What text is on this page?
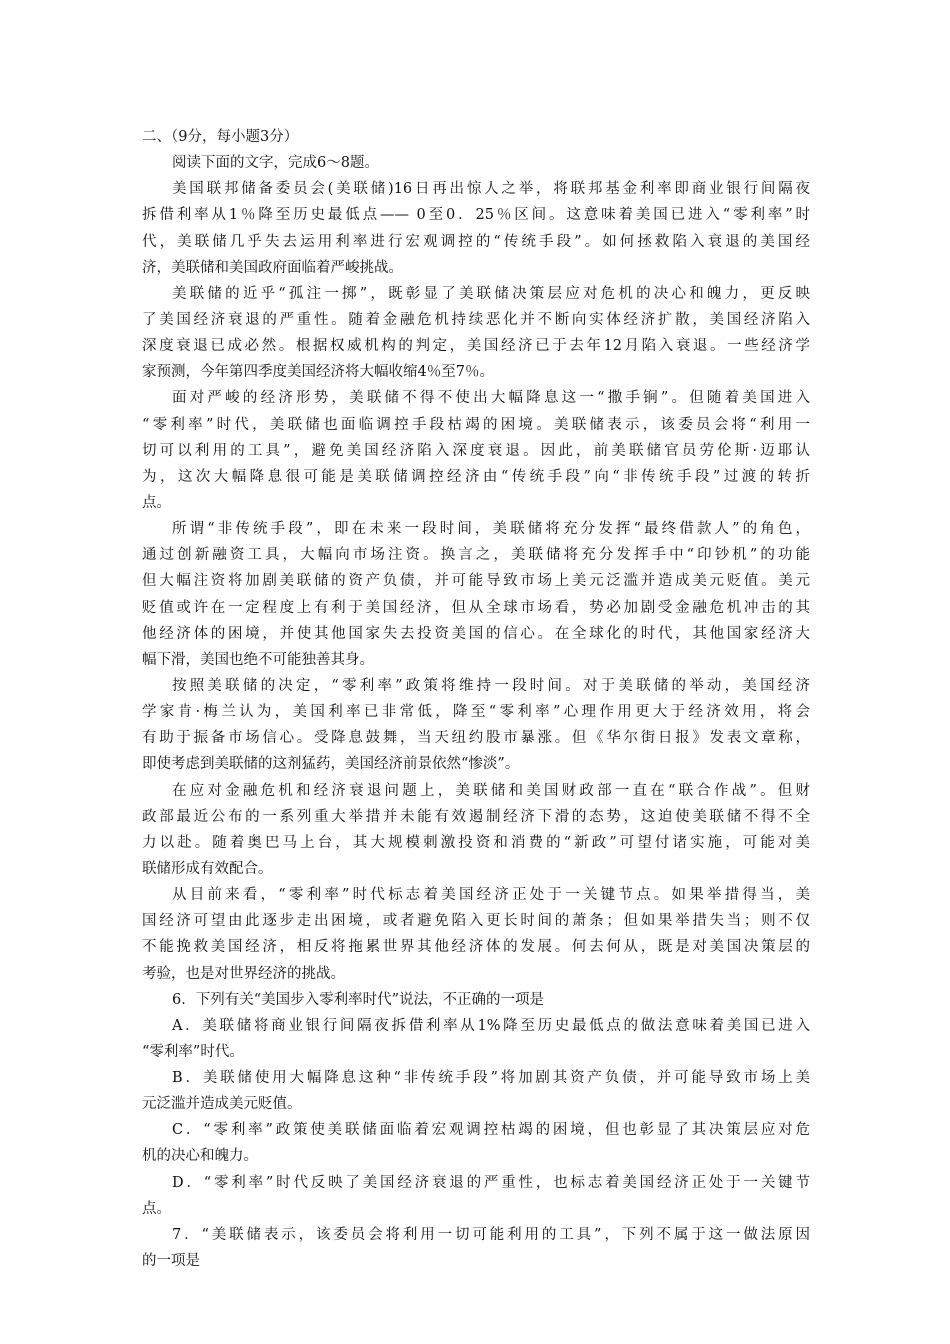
二、（9分，每小题3分）
阅读下面的文字，完成6～8题。
美国联邦储备委员会(美联储)16日再出惊人之举，将联邦基金利率即商业银行间隔夜
拆借利率从1％降至历史最低点—— 0至0．25％区间。这意味着美国已进入“零利率”时
代，美联储几乎失去运用利率进行宏观调控的“传统手段”。如何拯救陷入衰退的美国经
济，美联储和美国政府面临着严峻挑战。
美联储的近乎“孤注一掷”，既彰显了美联储决策层应对危机的决心和魄力，更反映
了美国经济衰退的严重性。随着金融危机持续恶化并不断向实体经济扩散，美国经济陷入
深度衰退已成必然。根据权威机构的判定，美国经济已于去年12月陷入衰退。一些经济学
家预测，今年第四季度美国经济将大幅收缩4％至7％。
面对严峻的经济形势，美联储不得不使出大幅降息这一“撒手锏”。但随着美国进入
“零利率”时代，美联储也面临调控手段枯竭的困境。美联储表示，该委员会将“利用一
切可以利用的工具”，避免美国经济陷入深度衰退。因此，前美联储官员劳伦斯·迈耶认
为，这次大幅降息很可能是美联储调控经济由“传统手段”向“非传统手段”过渡的转折
点。
所谓“非传统手段”，即在未来一段时间，美联储将充分发挥“最终借款人”的角色，
通过创新融资工具，大幅向市场注资。换言之，美联储将充分发挥手中“印钞机”的功能
但大幅注资将加剧美联储的资产负债，并可能导致市场上美元泛滥并造成美元贬值。美元
贬值或许在一定程度上有利于美国经济，但从全球市场看，势必加剧受金融危机冲击的其
他经济体的困境，并使其他国家失去投资美国的信心。在全球化的时代，其他国家经济大
幅下滑，美国也绝不可能独善其身。
按照美联储的决定，“零利率”政策将维持一段时间。对于美联储的举动，美国经济
学家肯·梅兰认为，美国利率已非常低，降至“零利率”心理作用更大于经济效用，将会
有助于振备市场信心。受降息鼓舞，当天纽约股市暴涨。但《华尔街日报》发表文章称，
即使考虑到美联储的这剂猛药，美国经济前景依然“惨淡”。
在应对金融危机和经济衰退问题上，美联储和美国财政部一直在“联合作战”。但财
政部最近公布的一系列重大举措并未能有效遏制经济下滑的态势，这迫使美联储不得不全
力以赴。随着奥巴马上台，其大规模刺激投资和消费的“新政”可望付诸实施，可能对美
联储形成有效配合。
从目前来看，“零利率”时代标志着美国经济正处于一关键节点。如果举措得当，美
国经济可望由此逐步走出困境，或者避免陷入更长时间的萧条；但如果举措失当；则不仅
不能挽救美国经济，相反将拖累世界其他经济体的发展。何去何从，既是对美国决策层的
考验，也是对世界经济的挑战。
6．下列有关“美国步入零利率时代”说法，不正确的一项是
A．美联储将商业银行间隔夜拆借利率从1%降至历史最低点的做法意味着美国已进入
“零利率”时代。
B．美联储使用大幅降息这种“非传统手段”将加剧其资产负债，并可能导致市场上美
元泛滥并造成美元贬值。
C．“零利率”政策使美联储面临着宏观调控枯竭的困境，但也彰显了其决策层应对危
机的决心和魄力。
D．“零利率”时代反映了美国经济衰退的严重性，也标志着美国经济正处于一关键节
点。
7．“美联储表示，该委员会将利用一切可能利用的工具”，下列不属于这一做法原因
的一项是
